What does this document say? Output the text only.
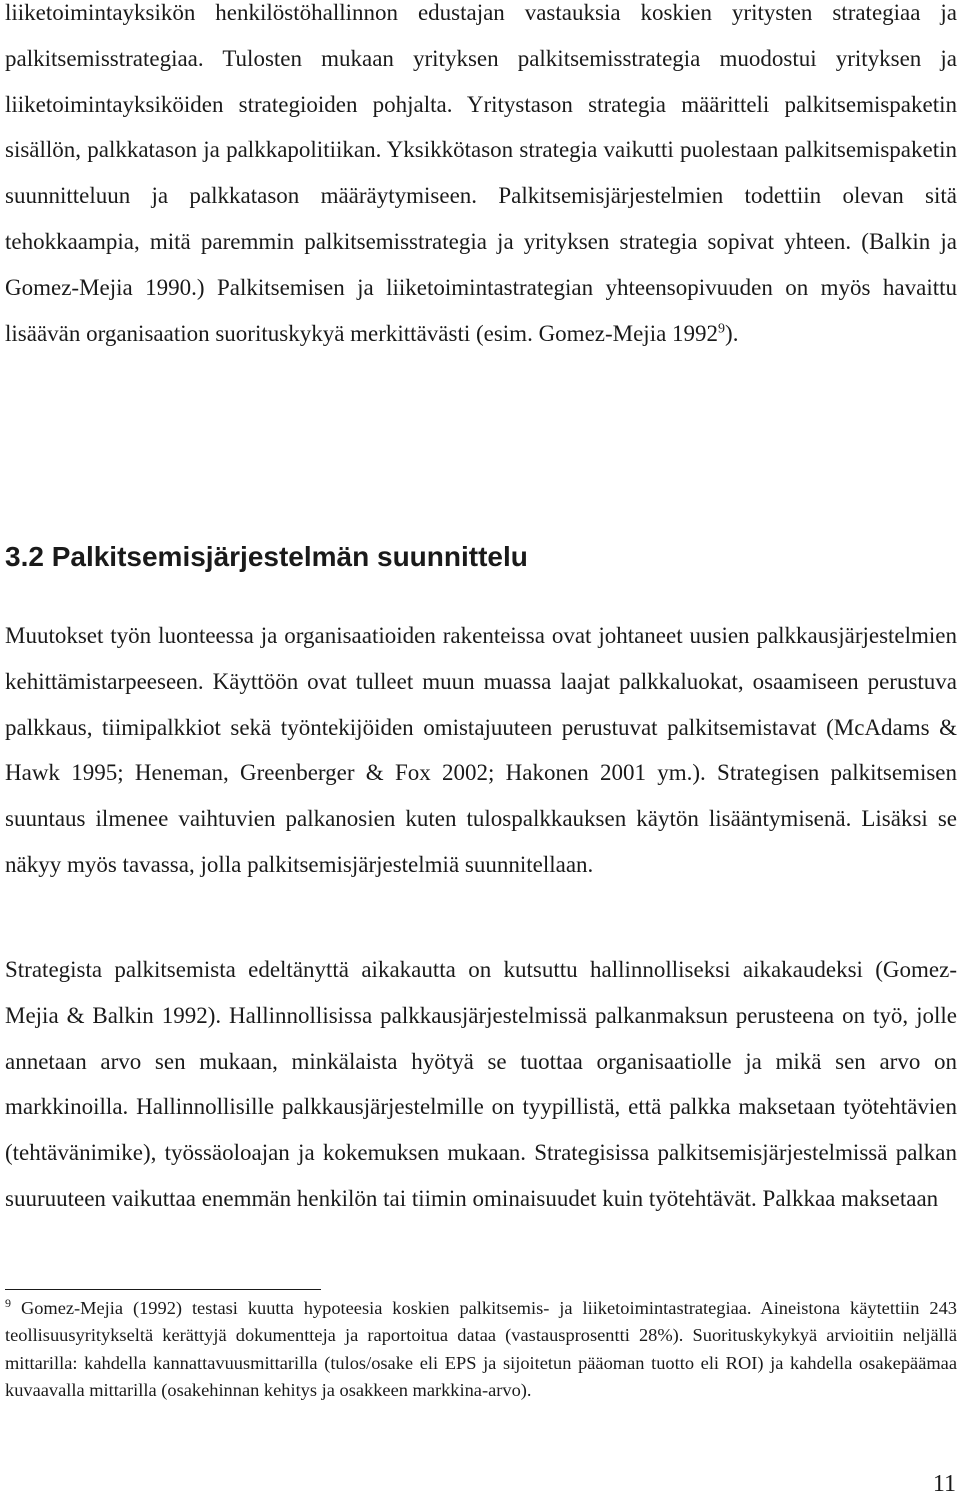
liiketoimintayksikön henkilöstöhallinnon edustajan vastauksia koskien yritysten strategiaa ja palkitsemisstrategiaa. Tulosten mukaan yrityksen palkitsemisstrategia muodostui yrityksen ja liiketoimintayksiköiden strategioiden pohjalta. Yritystason strategia määritteli palkitsemispaketin sisällön, palkkatason ja palkkapolitiikan. Yksikkötason strategia vaikutti puolestaan palkitsemispaketin suunnitteluun ja palkkatason määräytymiseen. Palkitsemisjärjestelmien todettiin olevan sitä tehokkaampia, mitä paremmin palkitsemisstrategia ja yrityksen strategia sopivat yhteen. (Balkin ja Gomez-Mejia 1990.) Palkitsemisen ja liiketoimintastrategian yhteensopivuuden on myös havaittu lisäävän organisaation suorituskykyä merkittävästi (esim. Gomez-Mejia 1992$^9$).

3.2 Palkitsemisjärjestelmän suunnittelu

Muutokset työn luonteessa ja organisaatioiden rakenteissa ovat johtaneet uusien palkkausjärjestelmien kehittämistarpeeseen. Käyttöön ovat tulleet muun muassa laajat palkkaluokat, osaamiseen perustuva palkkaus, tiimipalkkiot sekä työntekijöiden omistajuuteen perustuvat palkitsemistavat (McAdams & Hawk 1995; Heneman, Greenberger & Fox 2002; Hakonen 2001 ym.). Strategisen palkitsemisen suuntaus ilmenee vaihtuvien palkanosien kuten tulospalkkauksen käytön lisääntymisenä. Lisäksi se näkyy myös tavassa, jolla palkitsemisjärjestelmiä suunnitellaan.

Strategista palkitsemista edeltänyttä aikakautta on kutsuttu hallinnolliseksi aikakaudeksi (Gomez-Mejia & Balkin 1992). Hallinnollisissa palkkausjärjestelmissä palkanmaksun perusteena on työ, jolle annetaan arvo sen mukaan, minkälaista hyötyä se tuottaa organisaatiolle ja mikä sen arvo on markkinoilla. Hallinnollisille palkkausjärjestelmille on tyypillistä, että palkka maksetaan työtehtävien (tehtävänimike), työssäoloajan ja kokemuksen mukaan. Strategisissa palkitsemisjärjestelmissä palkan suuruuteen vaikuttaa enemmän henkilön tai tiimin ominaisuudet kuin työtehtävät. Palkkaa maksetaan

$^9$ Gomez-Mejia (1992) testasi kuutta hypoteesia koskien palkitsemis- ja liiketoimintastrategiaa. Aineistona käytettiin 243 teollisuusyritykseltä kerättyjä dokumentteja ja raportoitua dataa (vastausprosentti 28%). Suorituskykykyä arvioitiin neljällä mittarilla: kahdella kannattavuusmittarilla (tulos/osake eli EPS ja sijoitetun pääoman tuotto eli ROI) ja kahdella osakepäämaa kuvaavalla mittarilla (osakehinnan kehitys ja osakkeen markkina-arvo).

11
